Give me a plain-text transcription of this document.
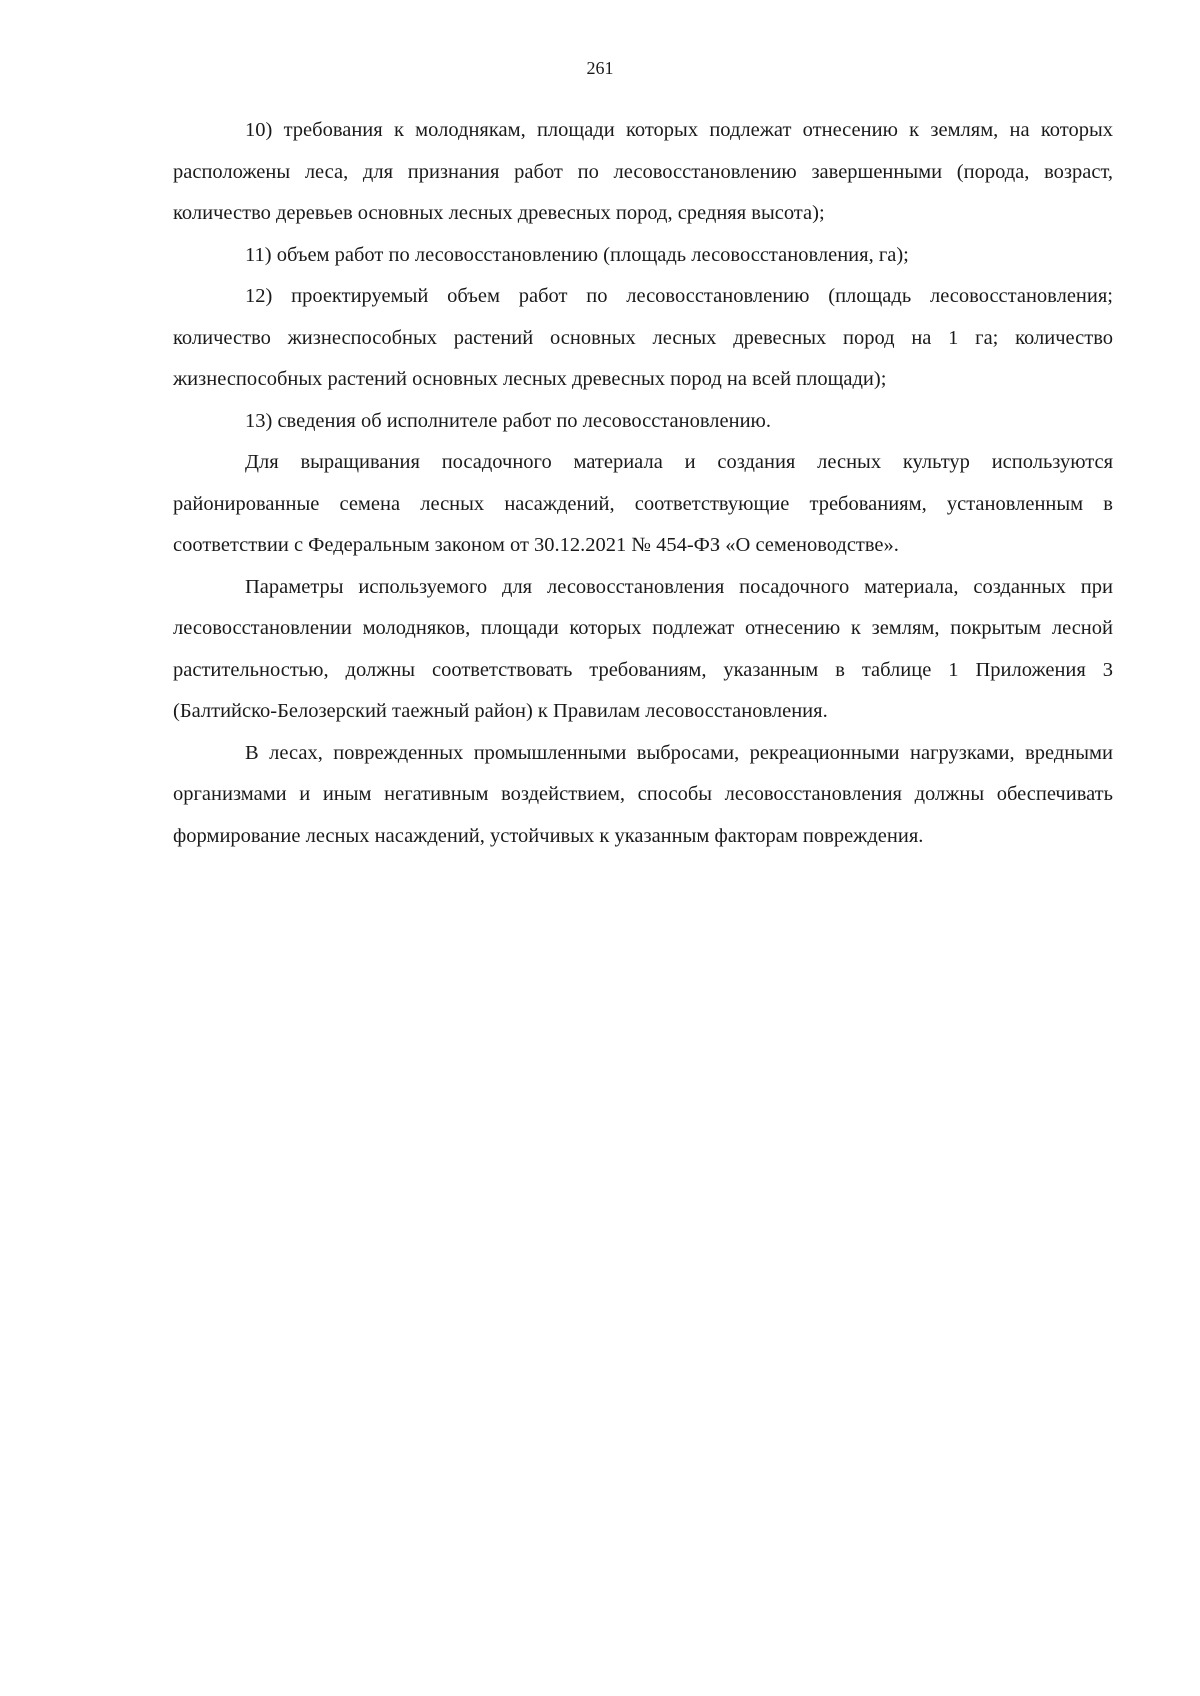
261

10) требования к молоднякам, площади которых подлежат отнесению к землям, на которых расположены леса, для признания работ по лесовосстановлению завершенными (порода, возраст, количество деревьев основных лесных древесных пород, средняя высота);

11) объем работ по лесовосстановлению (площадь лесовосстановления, га);

12) проектируемый объем работ по лесовосстановлению (площадь лесовосстановления; количество жизнеспособных растений основных лесных древесных пород на 1 га; количество жизнеспособных растений основных лесных древесных пород на всей площади);

13) сведения об исполнителе работ по лесовосстановлению.

Для выращивания посадочного материала и создания лесных культур используются районированные семена лесных насаждений, соответствующие требованиям, установленным в соответствии с Федеральным законом от 30.12.2021 № 454-ФЗ «О семеноводстве».

Параметры используемого для лесовосстановления посадочного материала, созданных при лесовосстановлении молодняков, площади которых подлежат отнесению к землям, покрытым лесной растительностью, должны соответствовать требованиям, указанным в таблице 1 Приложения 3 (Балтийско-Белозерский таежный район) к Правилам лесовосстановления.

В лесах, поврежденных промышленными выбросами, рекреационными нагрузками, вредными организмами и иным негативным воздействием, способы лесовосстановления должны обеспечивать формирование лесных насаждений, устойчивых к указанным факторам повреждения.
